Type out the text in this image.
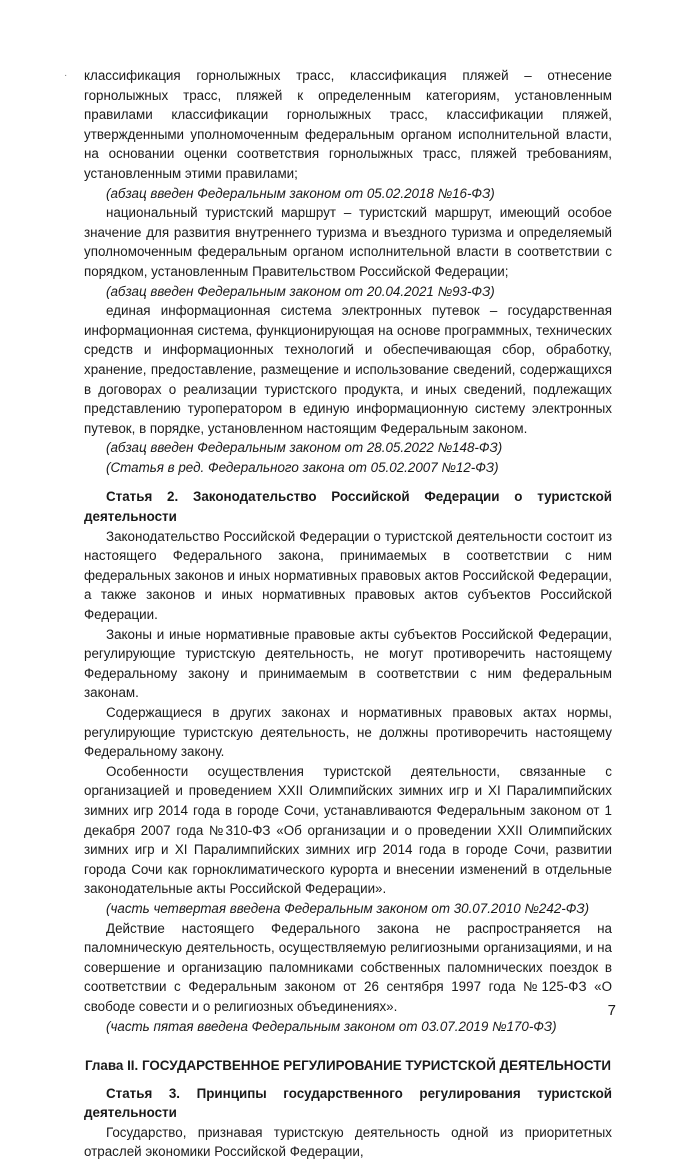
· классификация горнолыжных трасс, классификация пляжей – отнесение горнолыжных трасс, пляжей к определенным категориям, установленным правилами классификации горнолыжных трасс, классификации пляжей, утвержденными уполномоченным федеральным органом исполнительной власти, на основании оценки соответствия горнолыжных трасс, пляжей требованиям, установленным этими правилами;

(абзац введен Федеральным законом от 05.02.2018 №16-ФЗ)

национальный туристский маршрут – туристский маршрут, имеющий особое значение для развития внутреннего туризма и въездного туризма и определяемый уполномоченным федеральным органом исполнительной власти в соответствии с порядком, установленным Правительством Российской Федерации;

(абзац введен Федеральным законом от 20.04.2021 №93-ФЗ)

единая информационная система электронных путевок – государственная информационная система, функционирующая на основе программных, технических средств и информационных технологий и обеспечивающая сбор, обработку, хранение, предоставление, размещение и использование сведений, содержащихся в договорах о реализации туристского продукта, и иных сведений, подлежащих представлению туроператором в единую информационную систему электронных путевок, в порядке, установленном настоящим Федеральным законом.

(абзац введен Федеральным законом от 28.05.2022 №148-ФЗ)

(Статья в ред. Федерального закона от 05.02.2007 №12-ФЗ)

Статья 2. Законодательство Российской Федерации о туристской деятельности

Законодательство Российской Федерации о туристской деятельности состоит из настоящего Федерального закона, принимаемых в соответствии с ним федеральных законов и иных нормативных правовых актов Российской Федерации, а также законов и иных нормативных правовых актов субъектов Российской Федерации.

Законы и иные нормативные правовые акты субъектов Российской Федерации, регулирующие туристскую деятельность, не могут противоречить настоящему Федеральному закону и принимаемым в соответствии с ним федеральным законам.

Содержащиеся в других законах и нормативных правовых актах нормы, регулирующие туристскую деятельность, не должны противоречить настоящему Федеральному закону.

Особенности осуществления туристской деятельности, связанные с организацией и проведением XXII Олимпийских зимних игр и XI Паралимпийских зимних игр 2014 года в городе Сочи, устанавливаются Федеральным законом от 1 декабря 2007 года №310-ФЗ «Об организации и о проведении XXII Олимпийских зимних игр и XI Паралимпийских зимних игр 2014 года в городе Сочи, развитии города Сочи как горноклиматического курорта и внесении изменений в отдельные законодательные акты Российской Федерации».

(часть четвертая введена Федеральным законом от 30.07.2010 №242-ФЗ)

Действие настоящего Федерального закона не распространяется на паломническую деятельность, осуществляемую религиозными организациями, и на совершение и организацию паломниками собственных паломнических поездок в соответствии с Федеральным законом от 26 сентября 1997 года №125-ФЗ «О свободе совести и о религиозных объединениях».

(часть пятая введена Федеральным законом от 03.07.2019 №170-ФЗ)

Глава II. ГОСУДАРСТВЕННОЕ РЕГУЛИРОВАНИЕ ТУРИСТСКОЙ ДЕЯТЕЛЬНОСТИ

Статья 3. Принципы государственного регулирования туристской деятельности

Государство, признавая туристскую деятельность одной из приоритетных отраслей экономики Российской Федерации,

7
